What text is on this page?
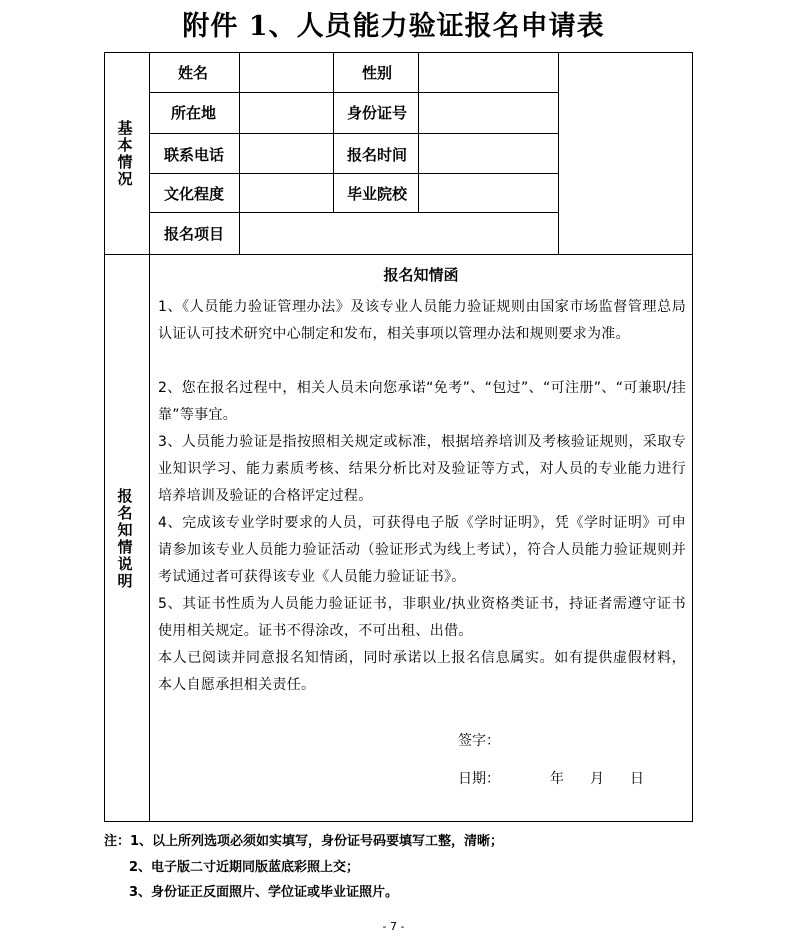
附件 1、人员能力验证报名申请表
基本情况
报名知情说明
姓名	性别
所在地	身份证号
联系电话	报名时间
文化程度	毕业院校
报名项目
报名知情函
1、《人员能力验证管理办法》及该专业人员能力验证规则由国家市场监督管理总局认证认可技术研究中心制定和发布，相关事项以管理办法和规则要求为准。
2、您在报名过程中，相关人员未向您承诺“免考”、“包过”、“可注册”、“可兼职/挂靠”等事宜。
3、人员能力验证是指按照相关规定或标准，根据培养培训及考核验证规则，采取专业知识学习、能力素质考核、结果分析比对及验证等方式，对人员的专业能力进行培养培训及验证的合格评定过程。
4、完成该专业学时要求的人员，可获得电子版《学时证明》，凭《学时证明》可申请参加该专业人员能力验证活动（验证形式为线上考试），符合人员能力验证规则并考试通过者可获得该专业《人员能力验证证书》。
5、其证书性质为人员能力验证证书，非职业/执业资格类证书，持证者需遵守证书使用相关规定。证书不得涂改，不可出租、出借。
本人已阅读并同意报名知情函，同时承诺以上报名信息属实。如有提供虚假材料，本人自愿承担相关责任。
签字：
日期：	年 月 日
注：1、以上所列选项必须如实填写，身份证号码要填写工整，清晰；
2、电子版二寸近期同版蓝底彩照上交；
3、身份证正反面照片、学位证或毕业证照片。
- 7 -
